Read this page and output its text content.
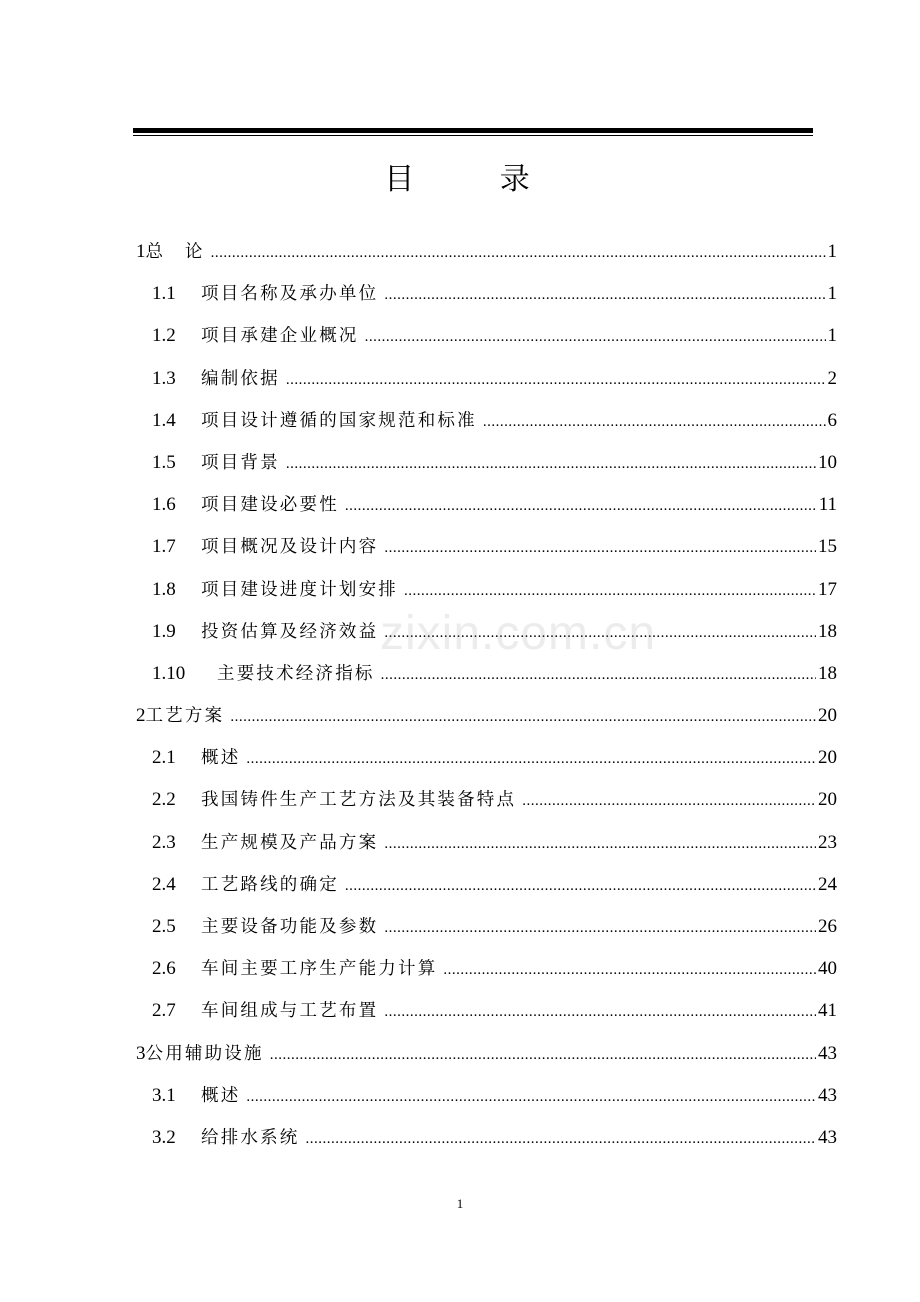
目 录
1 总　论 .....	1
1.1	项目名称及承办单位 .....	1
1.2	项目承建企业概况 .....	1
1.3	编制依据 .....	2
1.4	项目设计遵循的国家规范和标准 .....	6
1.5	项目背景 .....	10
1.6	项目建设必要性 .....	11
1.7	项目概况及设计内容 .....	15
1.8	项目建设进度计划安排 .....	17
1.9	投资估算及经济效益 .....	18
1.10	主要技术经济指标 .....	18
2 工艺方案 .....	20
2.1	概述 .....	20
2.2	我国铸件生产工艺方法及其装备特点 .....	20
2.3	生产规模及产品方案 .....	23
2.4	工艺路线的确定 .....	24
2.5	主要设备功能及参数 .....	26
2.6	车间主要工序生产能力计算 .....	40
2.7	车间组成与工艺布置 .....	41
3 公用辅助设施 .....	43
3.1	概述 .....	43
3.2	给排水系统 .....	43
zixin.com.cn
1
